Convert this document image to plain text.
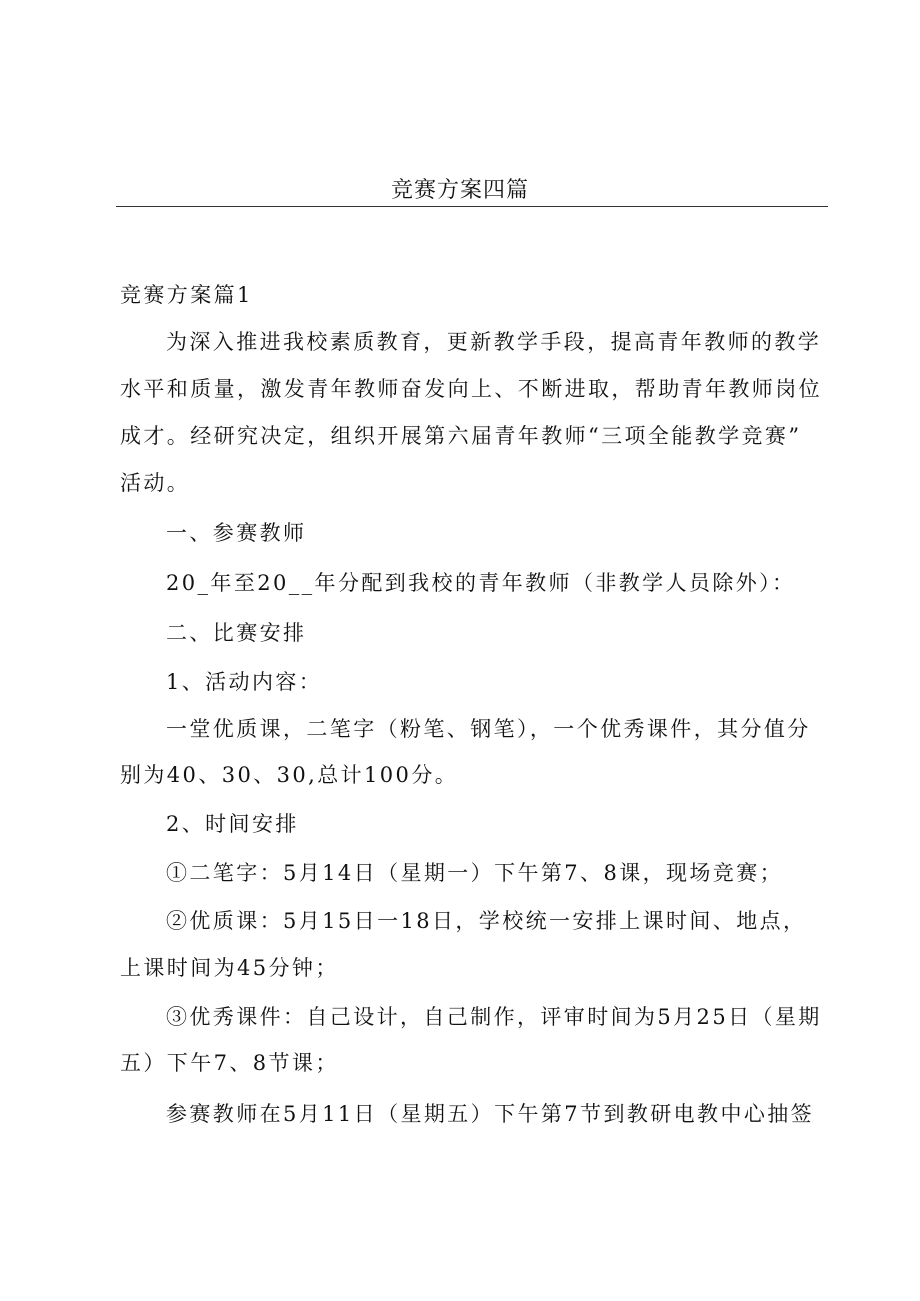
竞赛方案四篇
竞赛方案篇1
为深入推进我校素质教育，更新教学手段，提高青年教师的教学
水平和质量，激发青年教师奋发向上、不断进取，帮助青年教师岗位
成才。经研究决定，组织开展第六届青年教师“三项全能教学竞赛”
活动。
一、参赛教师
20_年至20__年分配到我校的青年教师（非教学人员除外）：
二、比赛安排
1、活动内容：
一堂优质课，二笔字（粉笔、钢笔），一个优秀课件，其分值分
别为40、30、30,总计100分。
2、时间安排
①二笔字：5月14日（星期一）下午第7、8课，现场竞赛；
②优质课：5月15日一18日，学校统一安排上课时间、地点，
上课时间为45分钟；
③优秀课件：自己设计，自己制作，评审时间为5月25日（星期
五）下午7、8节课；
参赛教师在5月11日（星期五）下午第7节到教研电教中心抽签
